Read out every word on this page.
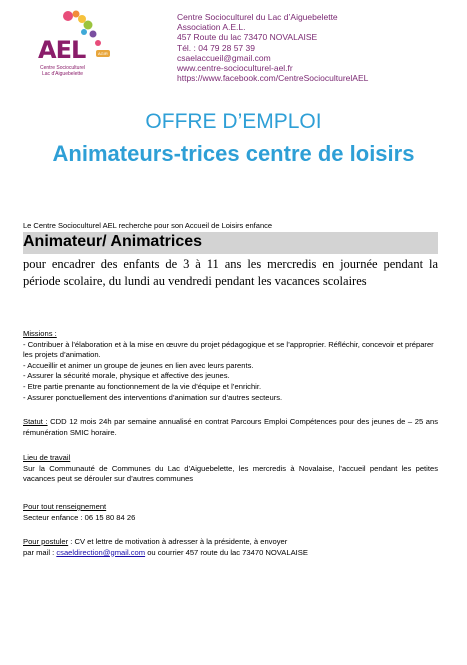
AEL	AGIR
Centre Socioculturel
Lac d'Aiguebelette
Centre Socioculturel du Lac d’Aiguebelette
Association A.E.L.
457 Route du lac 73470 NOVALAISE
Tél. : 04 79 28 57 39
csaelaccueil@gmail.com
www.centre-socioculturel-ael.fr
https://www.facebook.com/CentreSocioculturelAEL
OFFRE D’EMPLOI
Animateurs-trices centre de loisirs
Le Centre Socioculturel AEL recherche pour son Accueil de Loisirs enfance
Animateur/ Animatrices
pour encadrer des enfants de 3 à 11 ans les mercredis en journée pendant la période scolaire, du lundi au vendredi pendant les vacances scolaires
Missions :
- Contribuer à l’élaboration et à la mise en œuvre du projet pédagogique et se l’approprier. Réfléchir, concevoir et préparer les projets d’animation.
- Accueillir et animer un groupe de jeunes en lien avec leurs parents.
- Assurer la sécurité morale, physique et affective des jeunes.
- Etre partie prenante au fonctionnement de la vie d’équipe et l’enrichir.
- Assurer ponctuellement des interventions d’animation sur d’autres secteurs.
Statut : CDD 12 mois 24h par semaine annualisé en contrat Parcours Emploi Compétences pour des jeunes de – 25 ans rémunération SMIC horaire.
Lieu de travail
Sur la Communauté de Communes du Lac d’Aiguebelette, les mercredis à Novalaise, l’accueil pendant les petites vacances peut se dérouler sur d’autres communes
Pour tout renseignement
Secteur enfance : 06 15 80 84 26
Pour postuler : CV et lettre de motivation à adresser à la présidente, à envoyer
par mail : csaeldirection@gmail.com ou courrier 457 route du lac 73470 NOVALAISE
